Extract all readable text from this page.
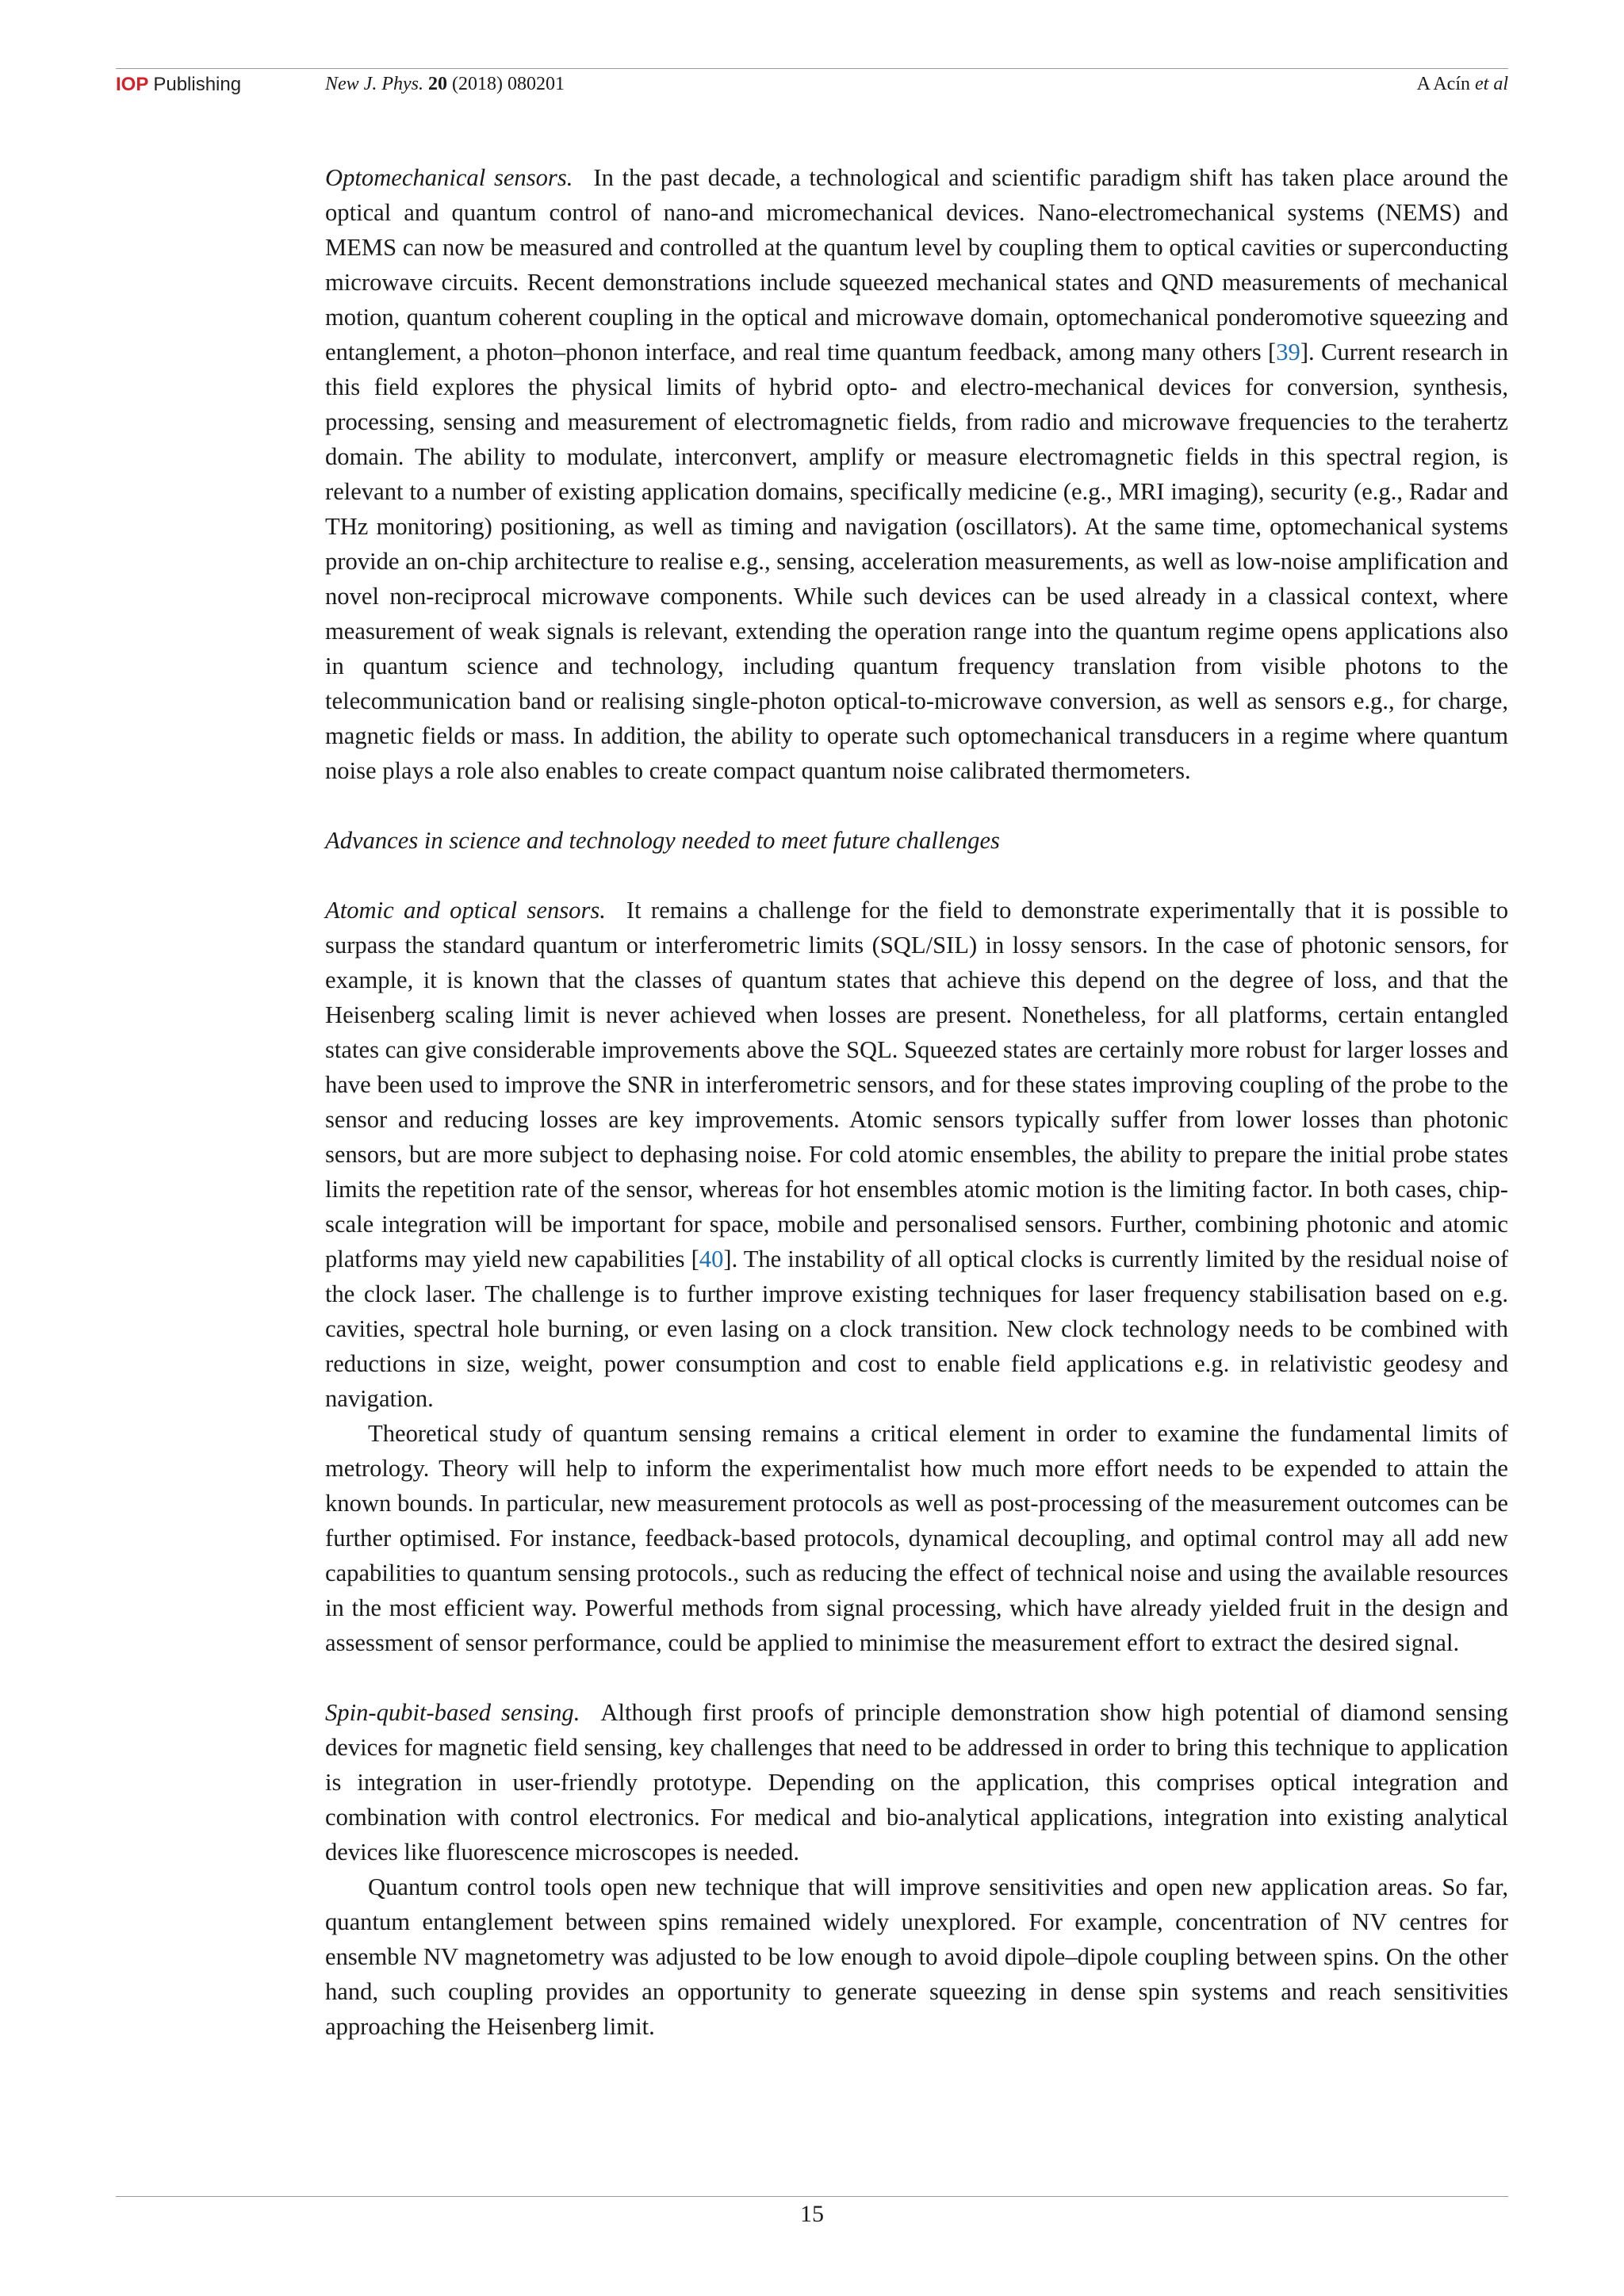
IOP Publishing	New J. Phys. 20 (2018) 080201	A Acín et al

Optomechanical sensors. In the past decade, a technological and scientific paradigm shift has taken place around the optical and quantum control of nano-and micromechanical devices. Nano-electromechanical systems (NEMS) and MEMS can now be measured and controlled at the quantum level by coupling them to optical cavities or superconducting microwave circuits. Recent demonstrations include squeezed mechanical states and QND measurements of mechanical motion, quantum coherent coupling in the optical and microwave domain, optomechanical ponderomotive squeezing and entanglement, a photon–phonon interface, and real time quantum feedback, among many others [39]. Current research in this field explores the physical limits of hybrid opto- and electro-mechanical devices for conversion, synthesis, processing, sensing and measurement of electromagnetic fields, from radio and microwave frequencies to the terahertz domain. The ability to modulate, interconvert, amplify or measure electromagnetic fields in this spectral region, is relevant to a number of existing application domains, specifically medicine (e.g., MRI imaging), security (e.g., Radar and THz monitoring) positioning, as well as timing and navigation (oscillators). At the same time, optomechanical systems provide an on-chip architecture to realise e.g., sensing, acceleration measurements, as well as low-noise amplification and novel non-reciprocal microwave components. While such devices can be used already in a classical context, where measurement of weak signals is relevant, extending the operation range into the quantum regime opens applications also in quantum science and technology, including quantum frequency translation from visible photons to the telecommunication band or realising single-photon optical-to-microwave conversion, as well as sensors e.g., for charge, magnetic fields or mass. In addition, the ability to operate such optomechanical transducers in a regime where quantum noise plays a role also enables to create compact quantum noise calibrated thermometers.

Advances in science and technology needed to meet future challenges

Atomic and optical sensors. It remains a challenge for the field to demonstrate experimentally that it is possible to surpass the standard quantum or interferometric limits (SQL/SIL) in lossy sensors. In the case of photonic sensors, for example, it is known that the classes of quantum states that achieve this depend on the degree of loss, and that the Heisenberg scaling limit is never achieved when losses are present. Nonetheless, for all platforms, certain entangled states can give considerable improvements above the SQL. Squeezed states are certainly more robust for larger losses and have been used to improve the SNR in interferometric sensors, and for these states improving coupling of the probe to the sensor and reducing losses are key improvements. Atomic sensors typically suffer from lower losses than photonic sensors, but are more subject to dephasing noise. For cold atomic ensembles, the ability to prepare the initial probe states limits the repetition rate of the sensor, whereas for hot ensembles atomic motion is the limiting factor. In both cases, chip-scale integration will be important for space, mobile and personalised sensors. Further, combining photonic and atomic platforms may yield new capabilities [40]. The instability of all optical clocks is currently limited by the residual noise of the clock laser. The challenge is to further improve existing techniques for laser frequency stabilisation based on e.g. cavities, spectral hole burning, or even lasing on a clock transition. New clock technology needs to be combined with reductions in size, weight, power consumption and cost to enable field applications e.g. in relativistic geodesy and navigation.

Theoretical study of quantum sensing remains a critical element in order to examine the fundamental limits of metrology. Theory will help to inform the experimentalist how much more effort needs to be expended to attain the known bounds. In particular, new measurement protocols as well as post-processing of the measurement outcomes can be further optimised. For instance, feedback-based protocols, dynamical decoupling, and optimal control may all add new capabilities to quantum sensing protocols., such as reducing the effect of technical noise and using the available resources in the most efficient way. Powerful methods from signal processing, which have already yielded fruit in the design and assessment of sensor performance, could be applied to minimise the measurement effort to extract the desired signal.

Spin-qubit-based sensing. Although first proofs of principle demonstration show high potential of diamond sensing devices for magnetic field sensing, key challenges that need to be addressed in order to bring this technique to application is integration in user-friendly prototype. Depending on the application, this comprises optical integration and combination with control electronics. For medical and bio-analytical applications, integration into existing analytical devices like fluorescence microscopes is needed.

Quantum control tools open new technique that will improve sensitivities and open new application areas. So far, quantum entanglement between spins remained widely unexplored. For example, concentration of NV centres for ensemble NV magnetometry was adjusted to be low enough to avoid dipole–dipole coupling between spins. On the other hand, such coupling provides an opportunity to generate squeezing in dense spin systems and reach sensitivities approaching the Heisenberg limit.

15
